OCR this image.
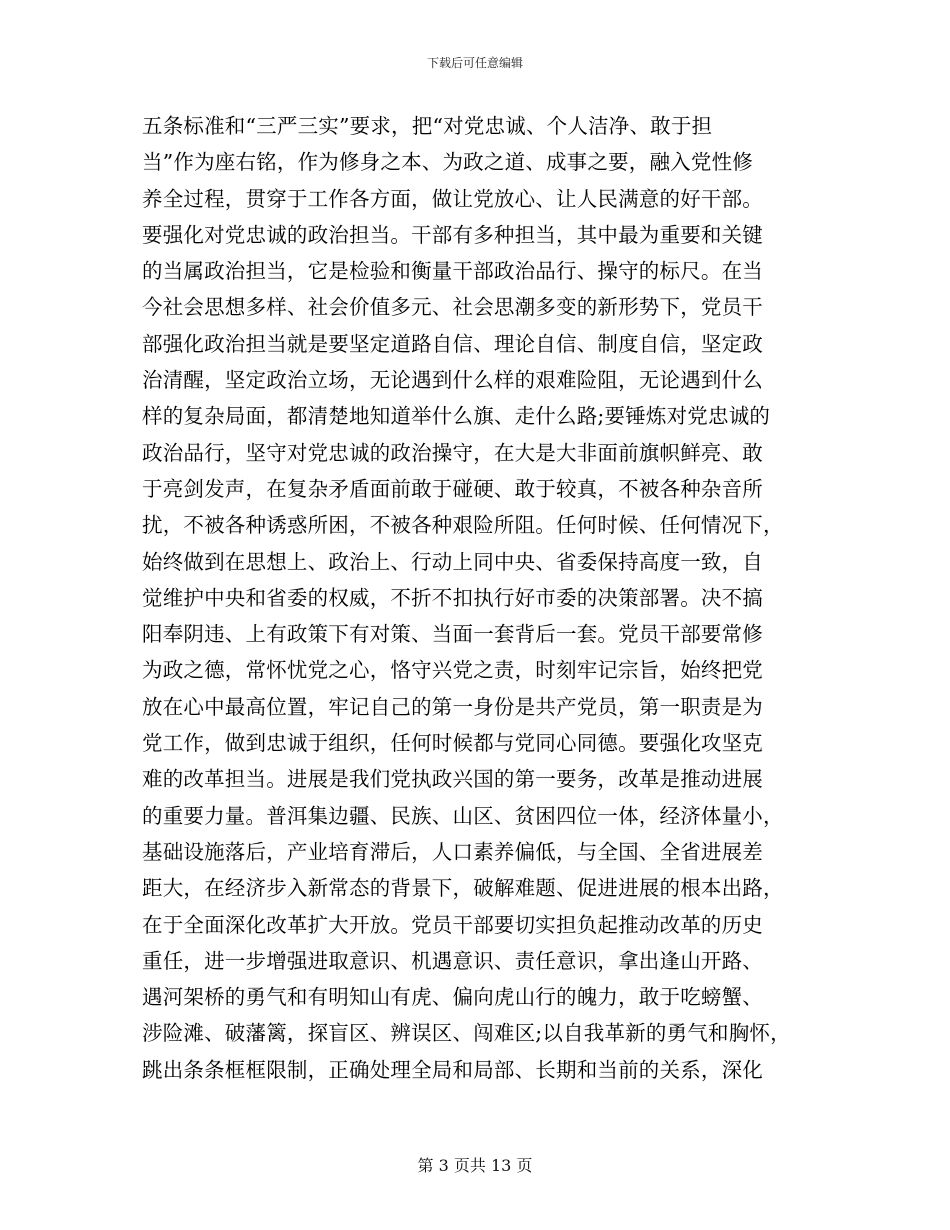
下载后可任意编辑
五条标准和“三严三实”要求，把“对党忠诚、个人洁净、敢于担
当”作为座右铭，作为修身之本、为政之道、成事之要，融入党性修
养全过程，贯穿于工作各方面，做让党放心、让人民满意的好干部。
要强化对党忠诚的政治担当。干部有多种担当，其中最为重要和关键
的当属政治担当，它是检验和衡量干部政治品行、操守的标尺。在当
今社会思想多样、社会价值多元、社会思潮多变的新形势下，党员干
部强化政治担当就是要坚定道路自信、理论自信、制度自信，坚定政
治清醒，坚定政治立场，无论遇到什么样的艰难险阻，无论遇到什么
样的复杂局面，都清楚地知道举什么旗、走什么路;要锤炼对党忠诚的
政治品行，坚守对党忠诚的政治操守，在大是大非面前旗帜鲜亮、敢
于亮剑发声，在复杂矛盾面前敢于碰硬、敢于较真，不被各种杂音所
扰，不被各种诱惑所困，不被各种艰险所阻。任何时候、任何情况下，
始终做到在思想上、政治上、行动上同中央、省委保持高度一致，自
觉维护中央和省委的权威，不折不扣执行好市委的决策部署。决不搞
阳奉阴违、上有政策下有对策、当面一套背后一套。党员干部要常修
为政之德，常怀忧党之心，恪守兴党之责，时刻牢记宗旨，始终把党
放在心中最高位置，牢记自己的第一身份是共产党员，第一职责是为
党工作，做到忠诚于组织，任何时候都与党同心同德。要强化攻坚克
难的改革担当。进展是我们党执政兴国的第一要务，改革是推动进展
的重要力量。普洱集边疆、民族、山区、贫困四位一体，经济体量小，
基础设施落后，产业培育滞后，人口素养偏低，与全国、全省进展差
距大，在经济步入新常态的背景下，破解难题、促进进展的根本出路，
在于全面深化改革扩大开放。党员干部要切实担负起推动改革的历史
重任，进一步增强进取意识、机遇意识、责任意识，拿出逢山开路、
遇河架桥的勇气和有明知山有虎、偏向虎山行的魄力，敢于吃螃蟹、
涉险滩、破藩篱，探盲区、辨误区、闯难区;以自我革新的勇气和胸怀，
跳出条条框框限制，正确处理全局和局部、长期和当前的关系，深化
第 3 页共 13 页
